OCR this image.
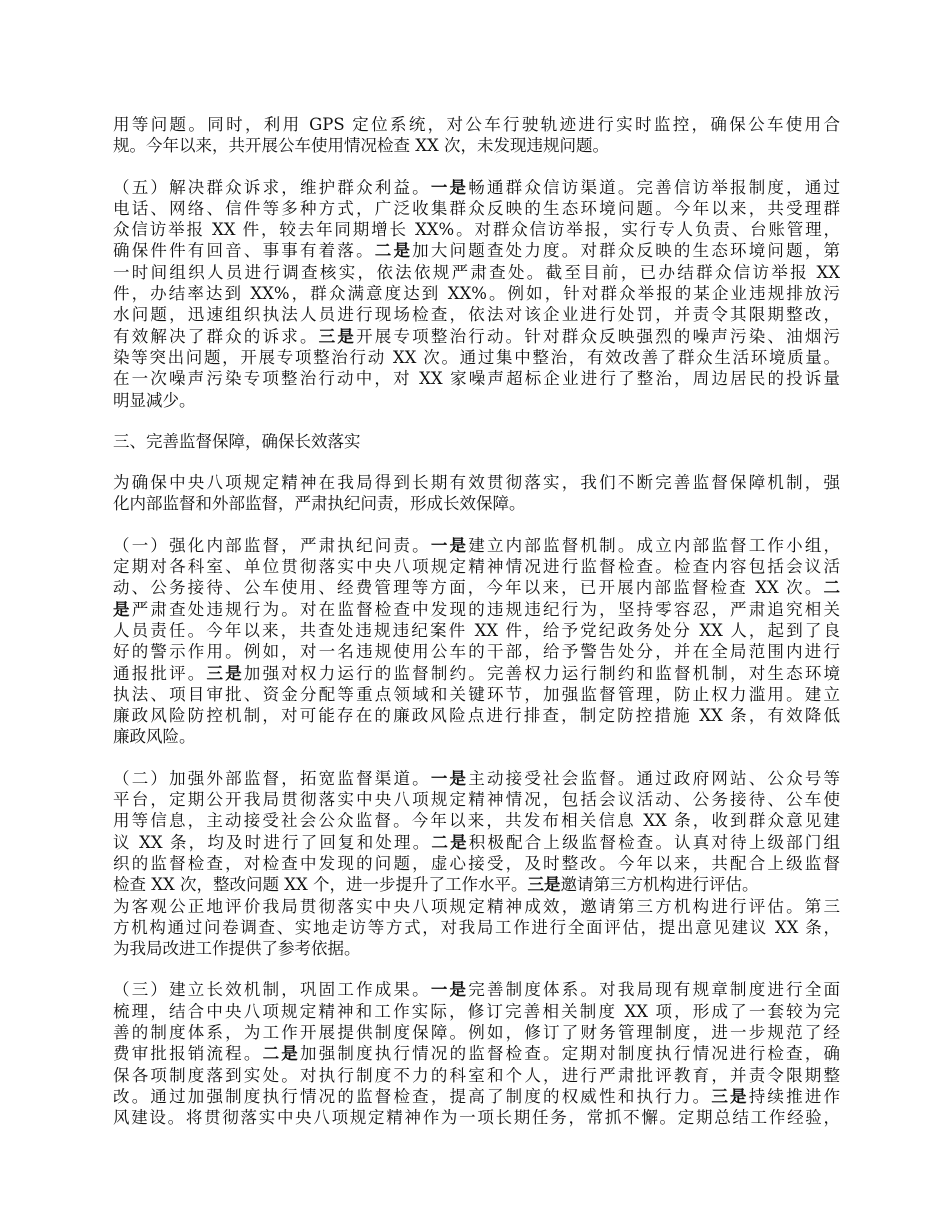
用等问题。同时，利用 GPS 定位系统，对公车行驶轨迹进行实时监控，确保公车使用合
规。今年以来，共开展公车使用情况检查 XX 次，未发现违规问题。
（五）解决群众诉求，维护群众利益。一是畅通群众信访渠道。完善信访举报制度，通过
电话、网络、信件等多种方式，广泛收集群众反映的生态环境问题。今年以来，共受理群
众信访举报 XX 件，较去年同期增长 XX%。对群众信访举报，实行专人负责、台账管理，
确保件件有回音、事事有着落。二是加大问题查处力度。对群众反映的生态环境问题，第
一时间组织人员进行调查核实，依法依规严肃查处。截至目前，已办结群众信访举报 XX
件，办结率达到 XX%，群众满意度达到 XX%。例如，针对群众举报的某企业违规排放污
水问题，迅速组织执法人员进行现场检查，依法对该企业进行处罚，并责令其限期整改，
有效解决了群众的诉求。三是开展专项整治行动。针对群众反映强烈的噪声污染、油烟污
染等突出问题，开展专项整治行动 XX 次。通过集中整治，有效改善了群众生活环境质量。
在一次噪声污染专项整治行动中，对 XX 家噪声超标企业进行了整治，周边居民的投诉量
明显减少。
三、完善监督保障，确保长效落实
为确保中央八项规定精神在我局得到长期有效贯彻落实，我们不断完善监督保障机制，强
化内部监督和外部监督，严肃执纪问责，形成长效保障。
（一）强化内部监督，严肃执纪问责。一是建立内部监督机制。成立内部监督工作小组，
定期对各科室、单位贯彻落实中央八项规定精神情况进行监督检查。检查内容包括会议活
动、公务接待、公车使用、经费管理等方面，今年以来，已开展内部监督检查 XX 次。二
是严肃查处违规行为。对在监督检查中发现的违规违纪行为，坚持零容忍，严肃追究相关
人员责任。今年以来，共查处违规违纪案件 XX 件，给予党纪政务处分 XX 人，起到了良
好的警示作用。例如，对一名违规使用公车的干部，给予警告处分，并在全局范围内进行
通报批评。三是加强对权力运行的监督制约。完善权力运行制约和监督机制，对生态环境
执法、项目审批、资金分配等重点领域和关键环节，加强监督管理，防止权力滥用。建立
廉政风险防控机制，对可能存在的廉政风险点进行排查，制定防控措施 XX 条，有效降低
廉政风险。
（二）加强外部监督，拓宽监督渠道。一是主动接受社会监督。通过政府网站、公众号等
平台，定期公开我局贯彻落实中央八项规定精神情况，包括会议活动、公务接待、公车使
用等信息，主动接受社会公众监督。今年以来，共发布相关信息 XX 条，收到群众意见建
议 XX 条，均及时进行了回复和处理。二是积极配合上级监督检查。认真对待上级部门组
织的监督检查，对检查中发现的问题，虚心接受，及时整改。今年以来，共配合上级监督
检查 XX 次，整改问题 XX 个，进一步提升了工作水平。三是邀请第三方机构进行评估。
为客观公正地评价我局贯彻落实中央八项规定精神成效，邀请第三方机构进行评估。第三
方机构通过问卷调查、实地走访等方式，对我局工作进行全面评估，提出意见建议 XX 条，
为我局改进工作提供了参考依据。
（三）建立长效机制，巩固工作成果。一是完善制度体系。对我局现有规章制度进行全面
梳理，结合中央八项规定精神和工作实际，修订完善相关制度 XX 项，形成了一套较为完
善的制度体系，为工作开展提供制度保障。例如，修订了财务管理制度，进一步规范了经
费审批报销流程。二是加强制度执行情况的监督检查。定期对制度执行情况进行检查，确
保各项制度落到实处。对执行制度不力的科室和个人，进行严肃批评教育，并责令限期整
改。通过加强制度执行情况的监督检查，提高了制度的权威性和执行力。三是持续推进作
风建设。将贯彻落实中央八项规定精神作为一项长期任务，常抓不懈。定期总结工作经验，
